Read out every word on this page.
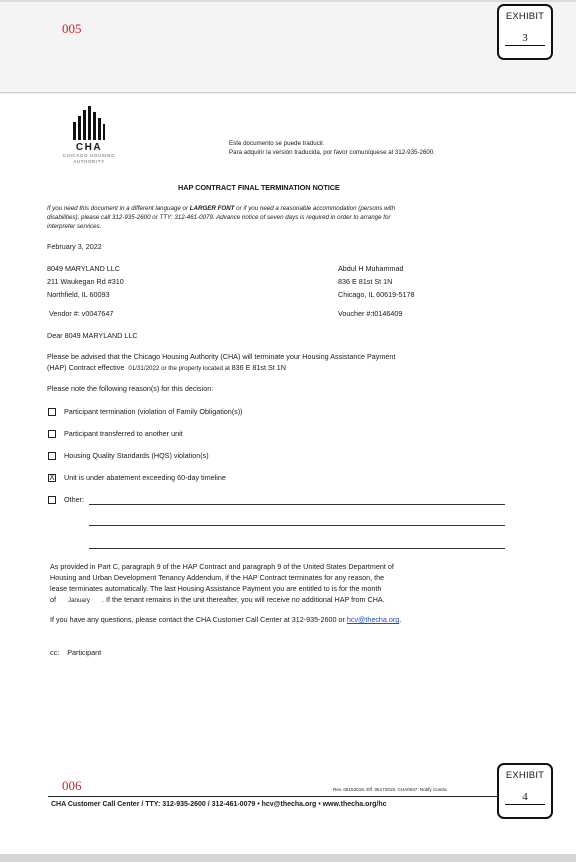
005
EXHIBIT
3
CHA
CHICAGO HOUSING
AUTHORITY
Este documento se puede traducir.
Para adquirir la versión traducida, por favor comuníquese al 312-935-2600.
HAP CONTRACT FINAL TERMINATION NOTICE
If you need this document in a different language or LARGER FONT or if you need a reasonable accommodation (persons with
disabilities), please call 312-935-2600 or TTY: 312-461-0079. Advance notice of seven days is required in order to arrange for
interpreter services.
February 3, 2022
8049 MARYLAND LLC
211 Waukegan Rd #310
Northfield, IL 60093
Vendor #: v0047647
Abdul H Muhammad
836 E 81st St 1N
Chicago, IL 60619-5178
Voucher #:t0146409
Dear 8049 MARYLAND LLC
Please be advised that the Chicago Housing Authority (CHA) will terminate your Housing Assistance Payment
(HAP) Contract effective 01/31/2022 or the property located at 836 E 81st St 1N
Please note the following reason(s) for this decision:
Participant termination (violation of Family Obligation(s))
Participant transferred to another unit
Housing Quality Standards (HQS) violation(s)
X Unit is under abatement exceeding 60-day timeline
Other:
As provided in Part C, paragraph 9 of the HAP Contract and paragraph 9 of the United States Department of
Housing and Urban Development Tenancy Addendum, if the HAP Contract terminates for any reason, the
lease terminates automatically. The last Housing Assistance Payment you are entitled to is for the month
of January . If the tenant remains in the unit thereafter, you will receive no additional HAP from CHA.
If you have any questions, please contact the CHA Customer Call Center at 312-935-2600 or hcv@thecha.org.
cc: Participant
006	Rev. 05152019, Eff. 05172019, CHA0047: Notify Contra
CHA Customer Call Center / TTY: 312-935-2600 / 312-461-0079 • hcv@thecha.org • www.thecha.org/hc
EXHIBIT
4
